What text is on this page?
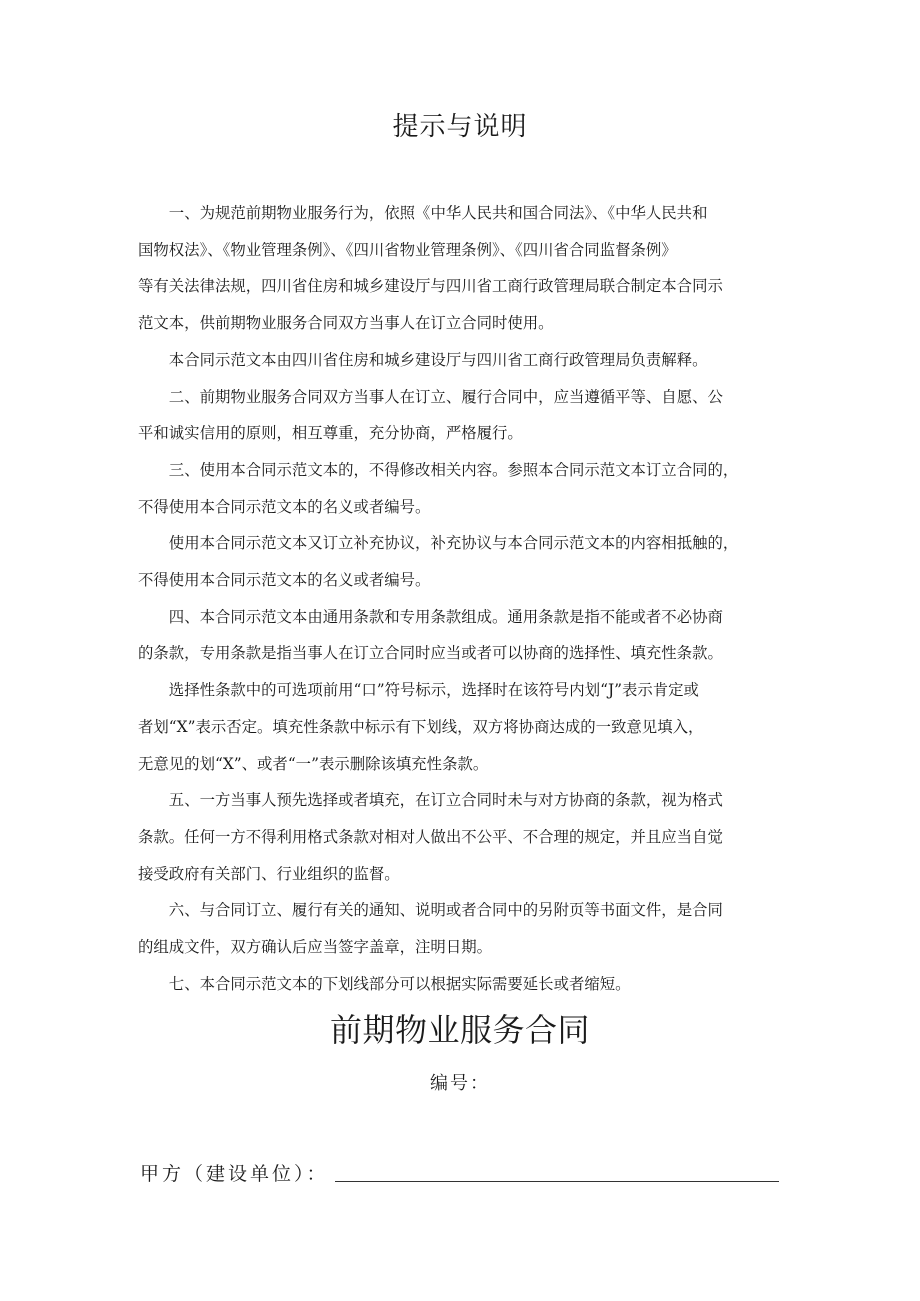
提示与说明

一、为规范前期物业服务行为，依照《中华人民共和国合同法》、《中华人民共和
国物权法》、《物业管理条例》、《四川省物业管理条例》、《四川省合同监督条例》
等有关法律法规，四川省住房和城乡建设厅与四川省工商行政管理局联合制定本合同示
范文本，供前期物业服务合同双方当事人在订立合同时使用。

本合同示范文本由四川省住房和城乡建设厅与四川省工商行政管理局负责解释。

二、前期物业服务合同双方当事人在订立、履行合同中，应当遵循平等、自愿、公
平和诚实信用的原则，相互尊重，充分协商，严格履行。

三、使用本合同示范文本的，不得修改相关内容。参照本合同示范文本订立合同的，
不得使用本合同示范文本的名义或者编号。

使用本合同示范文本又订立补充协议，补充协议与本合同示范文本的内容相抵触的，
不得使用本合同示范文本的名义或者编号。

四、本合同示范文本由通用条款和专用条款组成。通用条款是指不能或者不必协商
的条款，专用条款是指当事人在订立合同时应当或者可以协商的选择性、填充性条款。

选择性条款中的可选项前用“口”符号标示，选择时在该符号内划“J”表示肯定或
者划“X”表示否定。填充性条款中标示有下划线，双方将协商达成的一致意见填入，
无意见的划“X”、或者“一”表示删除该填充性条款。

五、一方当事人预先选择或者填充，在订立合同时未与对方协商的条款，视为格式
条款。任何一方不得利用格式条款对相对人做出不公平、不合理的规定，并且应当自觉
接受政府有关部门、行业组织的监督。

六、与合同订立、履行有关的通知、说明或者合同中的另附页等书面文件，是合同
的组成文件，双方确认后应当签字盖章，注明日期。

七、本合同示范文本的下划线部分可以根据实际需要延长或者缩短。

前期物业服务合同
编号：
甲方（建设单位）：
